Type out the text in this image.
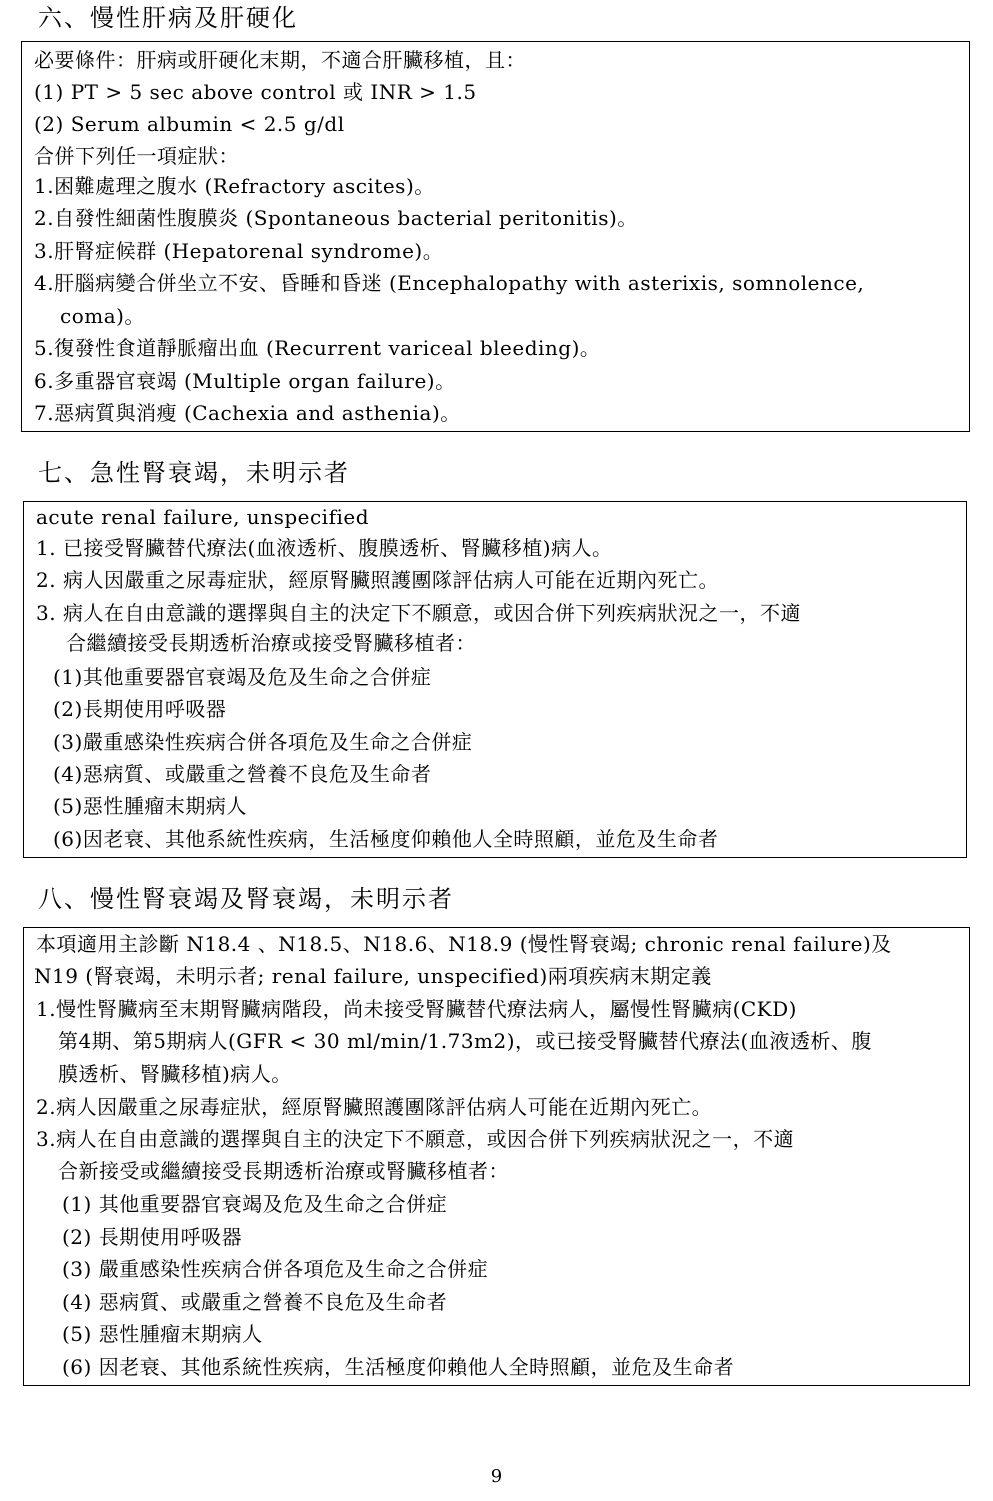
六、慢性肝病及肝硬化
必要條件：肝病或肝硬化末期，不適合肝臟移植，且：
(1) PT > 5 sec above control 或 INR > 1.5
(2) Serum albumin < 2.5 g/dl
合併下列任一項症狀：
1.困難處理之腹水 (Refractory ascites)。
2.自發性細菌性腹膜炎 (Spontaneous bacterial peritonitis)。
3.肝腎症候群 (Hepatorenal syndrome)。
4.肝腦病變合併坐立不安、昏睡和昏迷 (Encephalopathy with asterixis, somnolence,
coma)。
5.復發性食道靜脈瘤出血 (Recurrent variceal bleeding)。
6.多重器官衰竭 (Multiple organ failure)。
7.惡病質與消瘦 (Cachexia and asthenia)。
七、急性腎衰竭，未明示者
acute renal failure, unspecified
1. 已接受腎臟替代療法(血液透析、腹膜透析、腎臟移植)病人。
2. 病人因嚴重之尿毒症狀，經原腎臟照護團隊評估病人可能在近期內死亡。
3. 病人在自由意識的選擇與自主的決定下不願意，或因合併下列疾病狀況之一，不適
合繼續接受長期透析治療或接受腎臟移植者：
(1)其他重要器官衰竭及危及生命之合併症
(2)長期使用呼吸器
(3)嚴重感染性疾病合併各項危及生命之合併症
(4)惡病質、或嚴重之營養不良危及生命者
(5)惡性腫瘤末期病人
(6)因老衰、其他系統性疾病，生活極度仰賴他人全時照顧，並危及生命者
八、慢性腎衰竭及腎衰竭，未明示者
本項適用主診斷 N18.4 、N18.5、N18.6、N18.9 (慢性腎衰竭; chronic renal failure)及
N19 (腎衰竭，未明示者; renal failure, unspecified)兩項疾病末期定義
1.慢性腎臟病至末期腎臟病階段，尚未接受腎臟替代療法病人，屬慢性腎臟病(CKD)
第4期、第5期病人(GFR < 30 ml/min/1.73m2)，或已接受腎臟替代療法(血液透析、腹
膜透析、腎臟移植)病人。
2.病人因嚴重之尿毒症狀，經原腎臟照護團隊評估病人可能在近期內死亡。
3.病人在自由意識的選擇與自主的決定下不願意，或因合併下列疾病狀況之一，不適
合新接受或繼續接受長期透析治療或腎臟移植者：
(1) 其他重要器官衰竭及危及生命之合併症
(2) 長期使用呼吸器
(3) 嚴重感染性疾病合併各項危及生命之合併症
(4) 惡病質、或嚴重之營養不良危及生命者
(5) 惡性腫瘤末期病人
(6) 因老衰、其他系統性疾病，生活極度仰賴他人全時照顧，並危及生命者
9
